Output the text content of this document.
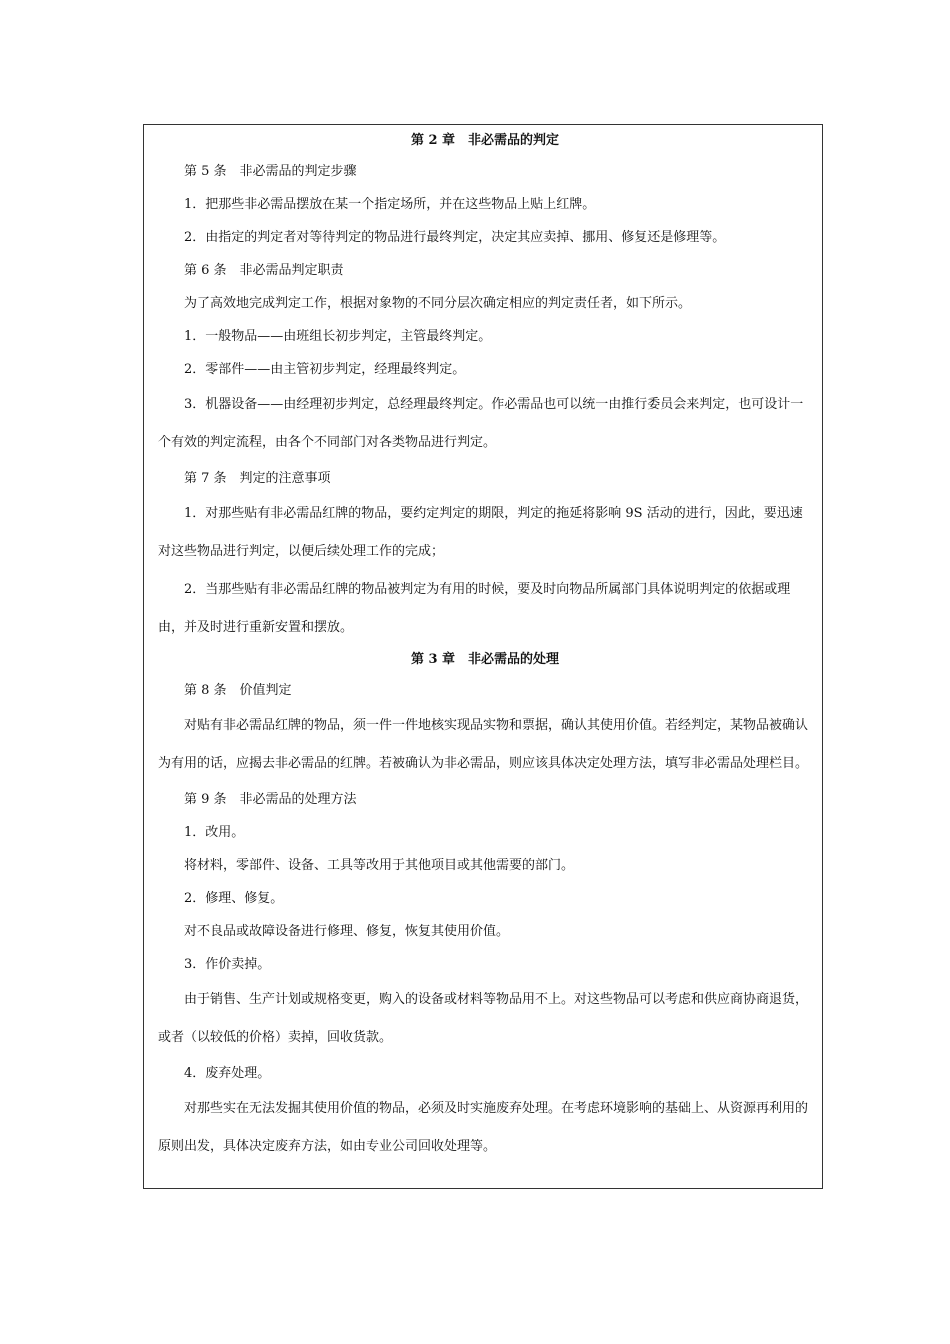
第 2 章　非必需品的判定

第 5 条　非必需品的判定步骤

1．把那些非必需品摆放在某一个指定场所，并在这些物品上贴上红牌。

2．由指定的判定者对等待判定的物品进行最终判定，决定其应卖掉、挪用、修复还是修理等。

第 6 条　非必需品判定职责

为了高效地完成判定工作，根据对象物的不同分层次确定相应的判定责任者，如下所示。

1．一般物品——由班组长初步判定，主管最终判定。

2．零部件——由主管初步判定，经理最终判定。

3．机器设备——由经理初步判定，总经理最终判定。作必需品也可以统一由推行委员会来判定，也可设计一个有效的判定流程，由各个不同部门对各类物品进行判定。

第 7 条　判定的注意事项

1．对那些贴有非必需品红牌的物品，要约定判定的期限，判定的拖延将影响 9S 活动的进行，因此，要迅速对这些物品进行判定，以便后续处理工作的完成；

2．当那些贴有非必需品红牌的物品被判定为有用的时候，要及时向物品所属部门具体说明判定的依据或理由，并及时进行重新安置和摆放。

第 3 章　非必需品的处理

第 8 条　价值判定

对贴有非必需品红牌的物品，须一件一件地核实现品实物和票据，确认其使用价值。若经判定，某物品被确认为有用的话，应揭去非必需品的红牌。若被确认为非必需品，则应该具体决定处理方法，填写非必需品处理栏目。

第 9 条　非必需品的处理方法

1．改用。

将材料，零部件、设备、工具等改用于其他项目或其他需要的部门。

2．修理、修复。

对不良品或故障设备进行修理、修复，恢复其使用价值。

3．作价卖掉。

由于销售、生产计划或规格变更，购入的设备或材料等物品用不上。对这些物品可以考虑和供应商协商退货，或者（以较低的价格）卖掉，回收货款。

4．废弃处理。

对那些实在无法发掘其使用价值的物品，必须及时实施废弃处理。在考虑环境影响的基础上、从资源再利用的原则出发，具体决定废弃方法，如由专业公司回收处理等。
